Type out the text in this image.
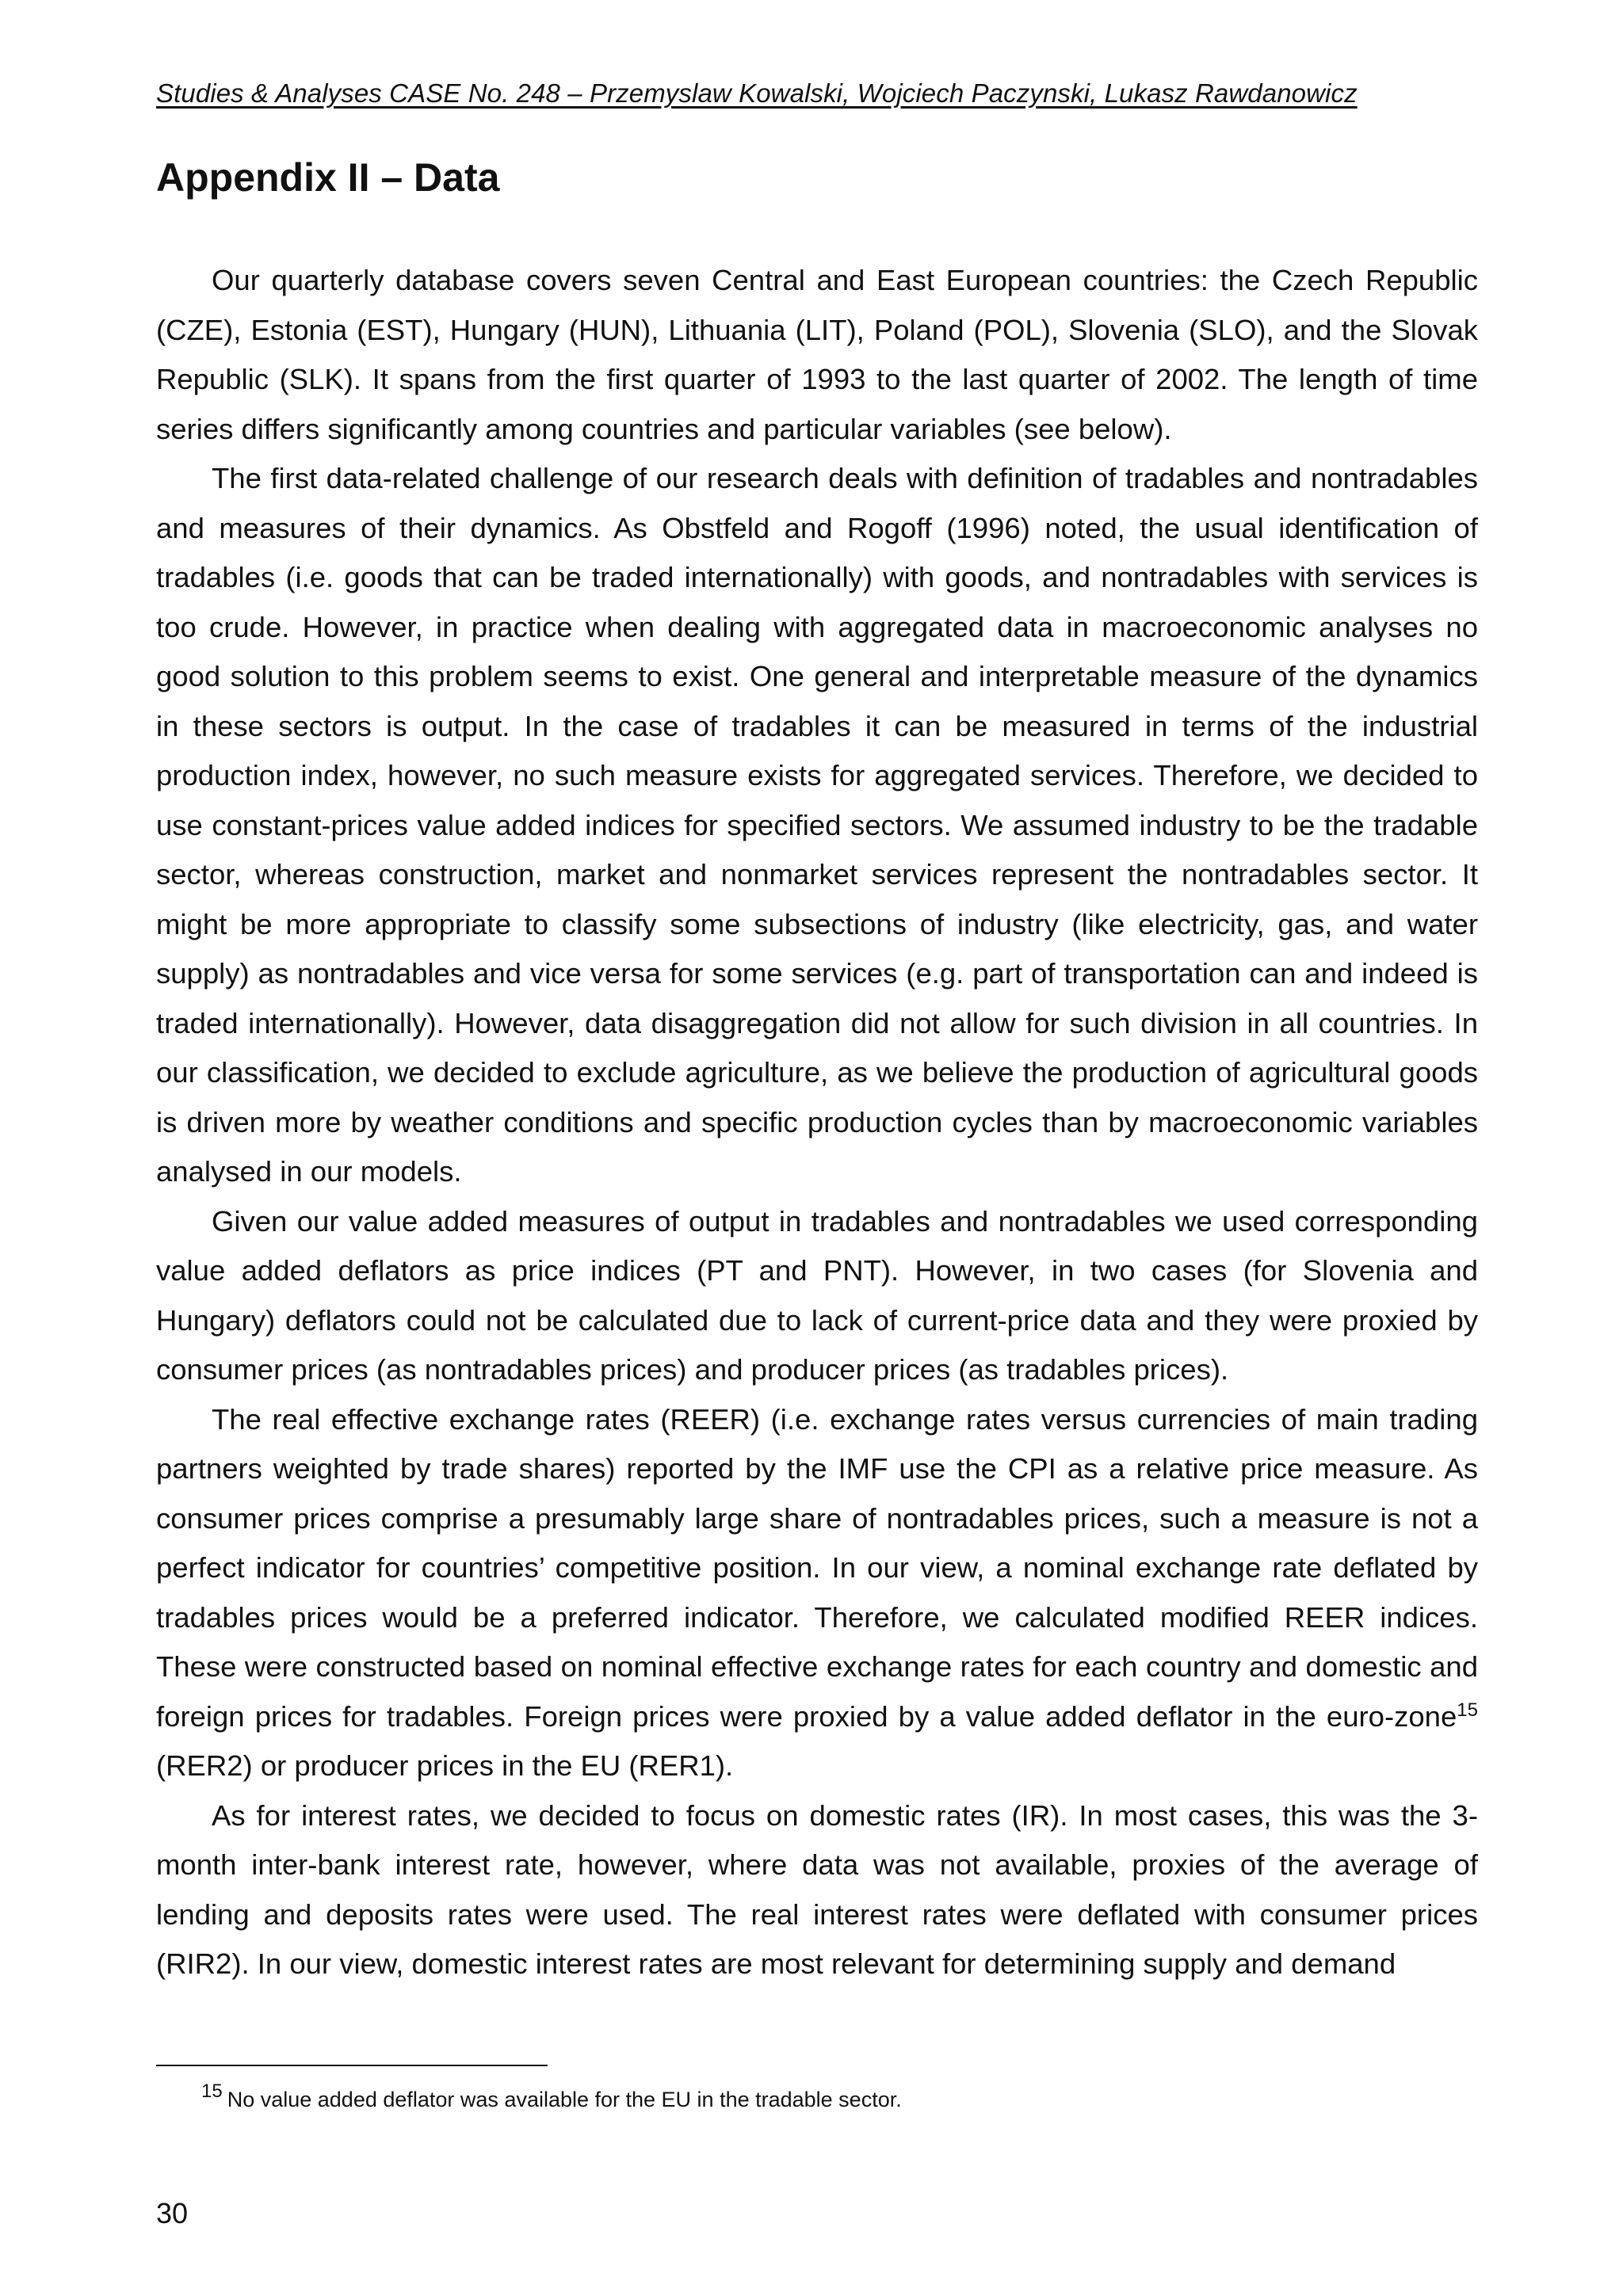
Studies & Analyses CASE No. 248 – Przemyslaw Kowalski, Wojciech Paczynski, Lukasz Rawdanowicz
Appendix II – Data

Our quarterly database covers seven Central and East European countries: the Czech Republic (CZE), Estonia (EST), Hungary (HUN), Lithuania (LIT), Poland (POL), Slovenia (SLO), and the Slovak Republic (SLK). It spans from the first quarter of 1993 to the last quarter of 2002. The length of time series differs significantly among countries and particular variables (see below).

The first data-related challenge of our research deals with definition of tradables and nontradables and measures of their dynamics. As Obstfeld and Rogoff (1996) noted, the usual identification of tradables (i.e. goods that can be traded internationally) with goods, and nontradables with services is too crude. However, in practice when dealing with aggregated data in macroeconomic analyses no good solution to this problem seems to exist. One general and interpretable measure of the dynamics in these sectors is output. In the case of tradables it can be measured in terms of the industrial production index, however, no such measure exists for aggregated services. Therefore, we decided to use constant-prices value added indices for specified sectors. We assumed industry to be the tradable sector, whereas construction, market and nonmarket services represent the nontradables sector. It might be more appropriate to classify some subsections of industry (like electricity, gas, and water supply) as nontradables and vice versa for some services (e.g. part of transportation can and indeed is traded internationally). However, data disaggregation did not allow for such division in all countries. In our classification, we decided to exclude agriculture, as we believe the production of agricultural goods is driven more by weather conditions and specific production cycles than by macroeconomic variables analysed in our models.

Given our value added measures of output in tradables and nontradables we used corresponding value added deflators as price indices (PT and PNT). However, in two cases (for Slovenia and Hungary) deflators could not be calculated due to lack of current-price data and they were proxied by consumer prices (as nontradables prices) and producer prices (as tradables prices).

The real effective exchange rates (REER) (i.e. exchange rates versus currencies of main trading partners weighted by trade shares) reported by the IMF use the CPI as a relative price measure. As consumer prices comprise a presumably large share of nontradables prices, such a measure is not a perfect indicator for countries’ competitive position. In our view, a nominal exchange rate deflated by tradables prices would be a preferred indicator. Therefore, we calculated modified REER indices. These were constructed based on nominal effective exchange rates for each country and domestic and foreign prices for tradables. Foreign prices were proxied by a value added deflator in the euro-zone$^{15}$ (RER2) or producer prices in the EU (RER1).

As for interest rates, we decided to focus on domestic rates (IR). In most cases, this was the 3-month inter-bank interest rate, however, where data was not available, proxies of the average of lending and deposits rates were used. The real interest rates were deflated with consumer prices (RIR2). In our view, domestic interest rates are most relevant for determining supply and demand

$^{15}$ No value added deflator was available for the EU in the tradable sector.
30
